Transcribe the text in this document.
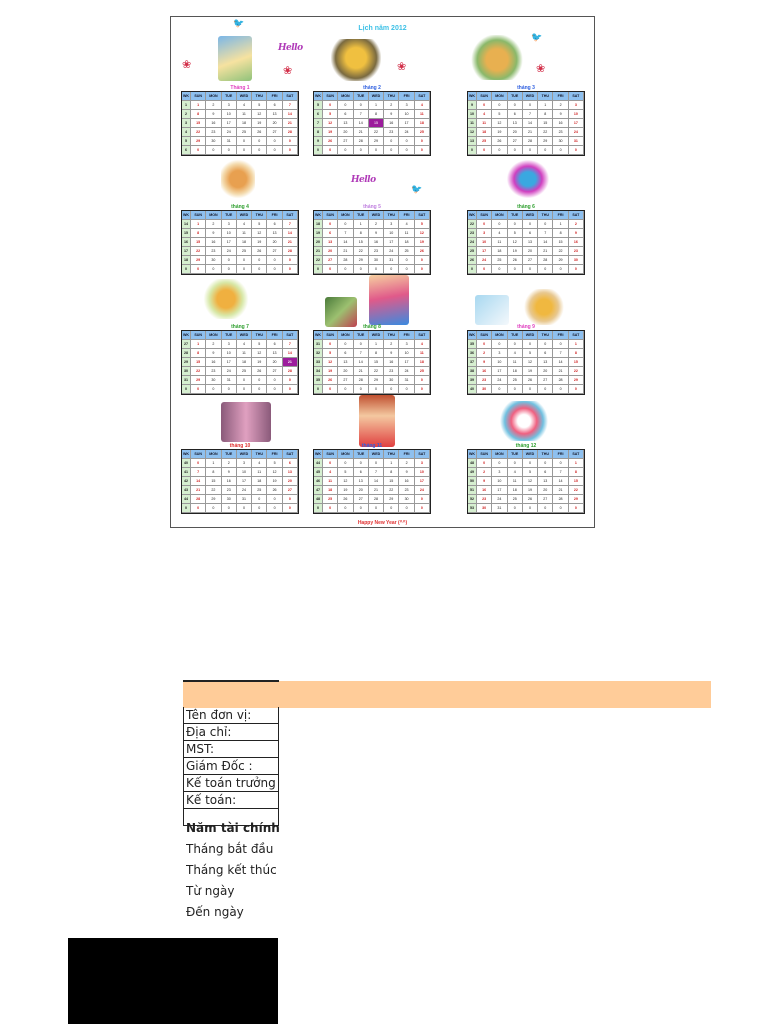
Lịch năm 2012
🐦
❀	❀
Hello
❀
🐦
❀
Hello
🐦
Tháng 1
WK	SUN	MON	TUE	WED	THU	FRI	SAT
1	1	2	3	4	5	6	7
2	8	9	10	11	12	13	14
3	15	16	17	18	19	20	21
4	22	23	24	25	26	27	28
5	29	30	31	0	0	0	0
6	0	0	0	0	0	0	0
tháng 2
WK	SUN	MON	TUE	WED	THU	FRI	SAT
5	0	0	0	1	2	3	4
6	5	6	7	8	9	10	11
7	12	13	14	15	16	17	18
8	19	20	21	22	23	24	25
9	26	27	28	29	0	0	0
0	0	0	0	0	0	0	0
tháng 3
WK	SUN	MON	TUE	WED	THU	FRI	SAT
9	0	0	0	0	1	2	3
10	4	5	6	7	8	9	10
11	11	12	13	14	15	16	17
12	18	19	20	21	22	23	24
13	25	26	27	28	29	30	31
0	0	0	0	0	0	0	0
tháng 4
WK	SUN	MON	TUE	WED	THU	FRI	SAT
14	1	2	3	4	5	6	7
15	8	9	10	11	12	13	14
16	15	16	17	18	19	20	21
17	22	23	24	25	26	27	28
18	29	30	0	0	0	0	0
0	0	0	0	0	0	0	0
tháng 5
WK	SUN	MON	TUE	WED	THU	FRI	SAT
18	0	0	1	2	3	4	5
19	6	7	8	9	10	11	12
20	13	14	15	16	17	18	19
21	20	21	22	23	24	25	26
22	27	28	29	30	31	0	0
0	0	0	0	0	0	0	0
tháng 6
WK	SUN	MON	TUE	WED	THU	FRI	SAT
22	0	0	0	0	0	1	2
23	3	4	5	6	7	8	9
24	10	11	12	13	14	15	16
25	17	18	19	20	21	22	23
26	24	25	26	27	28	29	30
0	0	0	0	0	0	0	0
tháng 7
WK	SUN	MON	TUE	WED	THU	FRI	SAT
27	1	2	3	4	5	6	7
28	8	9	10	11	12	13	14
29	15	16	17	18	19	20	21
30	22	23	24	25	26	27	28
31	29	30	31	0	0	0	0
0	0	0	0	0	0	0	0
tháng 8
WK	SUN	MON	TUE	WED	THU	FRI	SAT
31	0	0	0	1	2	3	4
32	5	6	7	8	9	10	11
33	12	13	14	15	16	17	18
34	19	20	21	22	23	24	25
35	26	27	28	29	30	31	0
0	0	0	0	0	0	0	0
tháng 9
WK	SUN	MON	TUE	WED	THU	FRI	SAT
35	0	0	0	0	0	0	1
36	2	3	4	5	6	7	8
37	9	10	11	12	13	14	15
38	16	17	18	19	20	21	22
39	23	24	25	26	27	28	29
40	30	0	0	0	0	0	0
tháng 10
WK	SUN	MON	TUE	WED	THU	FRI	SAT
40	0	1	2	3	4	5	6
41	7	8	9	10	11	12	13
42	14	15	16	17	18	19	20
43	21	22	23	24	25	26	27
44	28	29	30	31	0	0	0
0	0	0	0	0	0	0	0
tháng 11
WK	SUN	MON	TUE	WED	THU	FRI	SAT
44	0	0	0	0	1	2	3
45	4	5	6	7	8	9	10
46	11	12	13	14	15	16	17
47	18	19	20	21	22	23	24
48	25	26	27	28	29	30	0
0	0	0	0	0	0	0	0
tháng 12
WK	SUN	MON	TUE	WED	THU	FRI	SAT
48	0	0	0	0	0	0	1
49	2	3	4	5	6	7	8
50	9	10	11	12	13	14	15
51	16	17	18	19	20	21	22
52	23	24	25	26	27	28	29
53	30	31	0	0	0	0	0
Happy New Year (^^)
Tên đơn vị:
Địa chỉ:
MST:
Giám Đốc :
Kế toán trưởng
Kế toán:
Năm tài chính
Tháng bắt đầu
Tháng kết thúc
Từ ngày
Đến ngày
